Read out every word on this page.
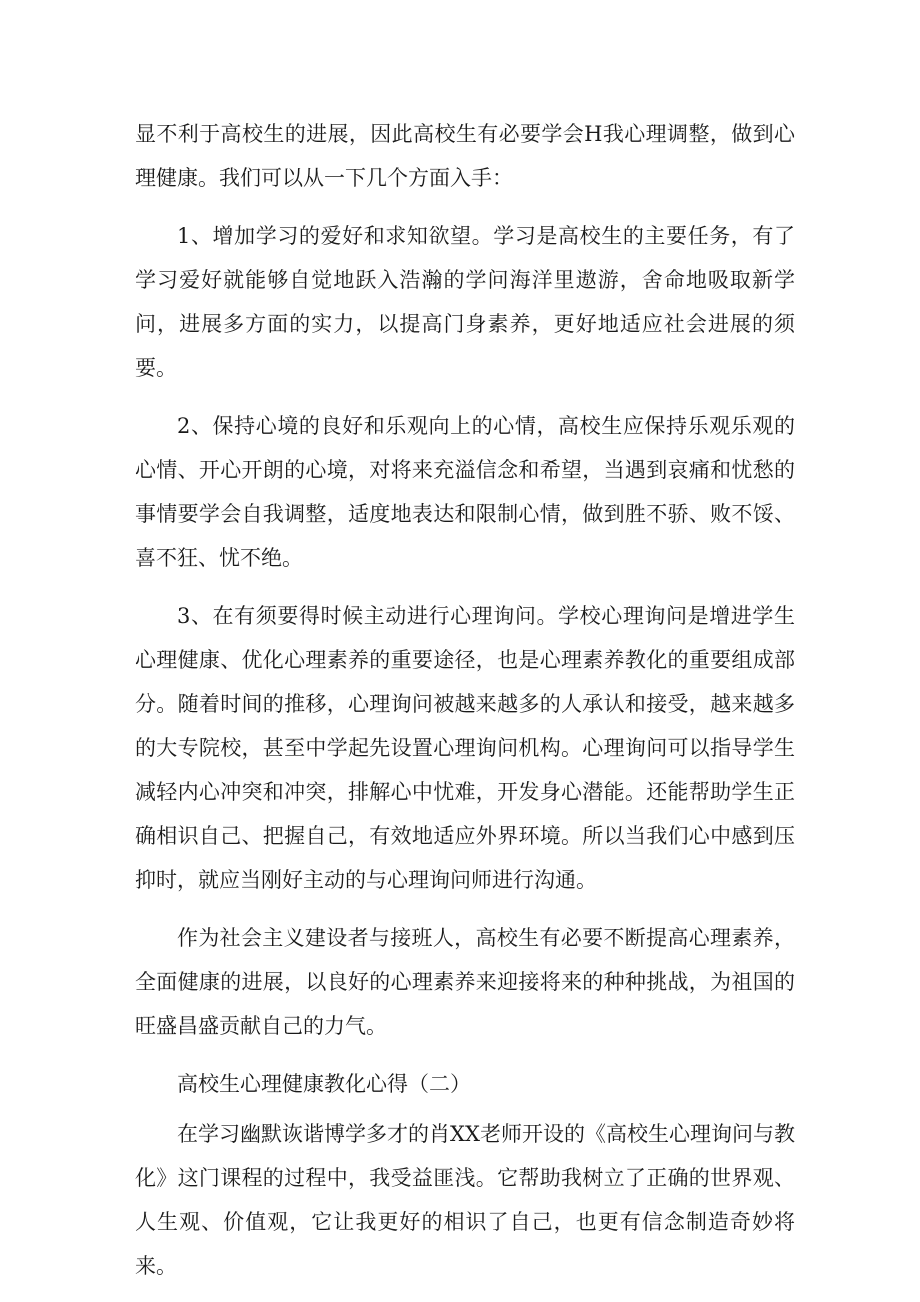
显不利于高校生的进展，因此高校生有必要学会H我心理调整，做到心理健康。我们可以从一下几个方面入手：

1、增加学习的爱好和求知欲望。学习是高校生的主要任务，有了学习爱好就能够自觉地跃入浩瀚的学问海洋里遨游，舍命地吸取新学问，进展多方面的实力，以提高门身素养，更好地适应社会进展的须要。

2、保持心境的良好和乐观向上的心情，高校生应保持乐观乐观的心情、开心开朗的心境，对将来充溢信念和希望，当遇到哀痛和忧愁的事情要学会自我调整，适度地表达和限制心情，做到胜不骄、败不馁、喜不狂、忧不绝。

3、在有须要得时候主动进行心理询问。学校心理询问是增进学生心理健康、优化心理素养的重要途径，也是心理素养教化的重要组成部分。随着时间的推移，心理询问被越来越多的人承认和接受，越来越多的大专院校，甚至中学起先设置心理询问机构。心理询问可以指导学生减轻内心冲突和冲突，排解心中忧难，开发身心潜能。还能帮助学生正确相识自己、把握自己，有效地适应外界环境。所以当我们心中感到压抑时，就应当刚好主动的与心理询问师进行沟通。

作为社会主义建设者与接班人，高校生有必要不断提高心理素养，全面健康的进展，以良好的心理素养来迎接将来的种种挑战，为祖国的旺盛昌盛贡献自己的力气。

高校生心理健康教化心得（二）

在学习幽默诙谐博学多才的肖XX老师开设的《高校生心理询问与教化》这门课程的过程中，我受益匪浅。它帮助我树立了正确的世界观、人生观、价值观，它让我更好的相识了自己，也更有信念制造奇妙将来。
